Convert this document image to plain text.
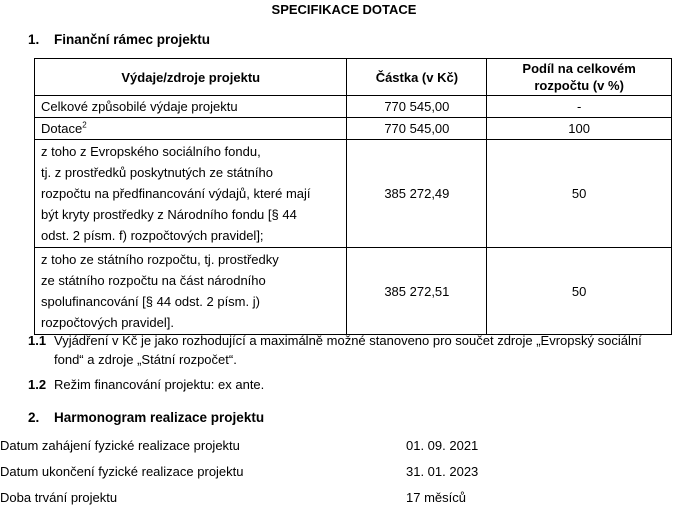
SPECIFIKACE DOTACE
1. Finanční rámec projektu
Výdaje/zdroje projektu	Částka (v Kč)	Podíl na celkovém rozpočtu (v %)
Celkové způsobilé výdaje projektu	770 545,00	-
Dotace$^2$	770 545,00	100

z toho z Evropského sociálního fondu,
tj. z prostředků poskytnutých ze státního
rozpočtu na předfinancování výdajů, které mají
být kryty prostředky z Národního fondu [§ 44
odst. 2 písm. f) rozpočtových pravidel];	385 272,49	50

z toho ze státního rozpočtu, tj. prostředky
ze státního rozpočtu na část národního
spolufinancování [§ 44 odst. 2 písm. j)
rozpočtových pravidel].	385 272,51	50
1.1 Vyjádření v Kč je jako rozhodující a maximálně možné stanoveno pro součet zdroje „Evropský sociální
fond“ a zdroje „Státní rozpočet“.
1.2 Režim financování projektu: ex ante.
2. Harmonogram realizace projektu
Datum zahájení fyzické realizace projektu	01. 09. 2021
Datum ukončení fyzické realizace projektu	31. 01. 2023
Doba trvání projektu	17 měsíců
